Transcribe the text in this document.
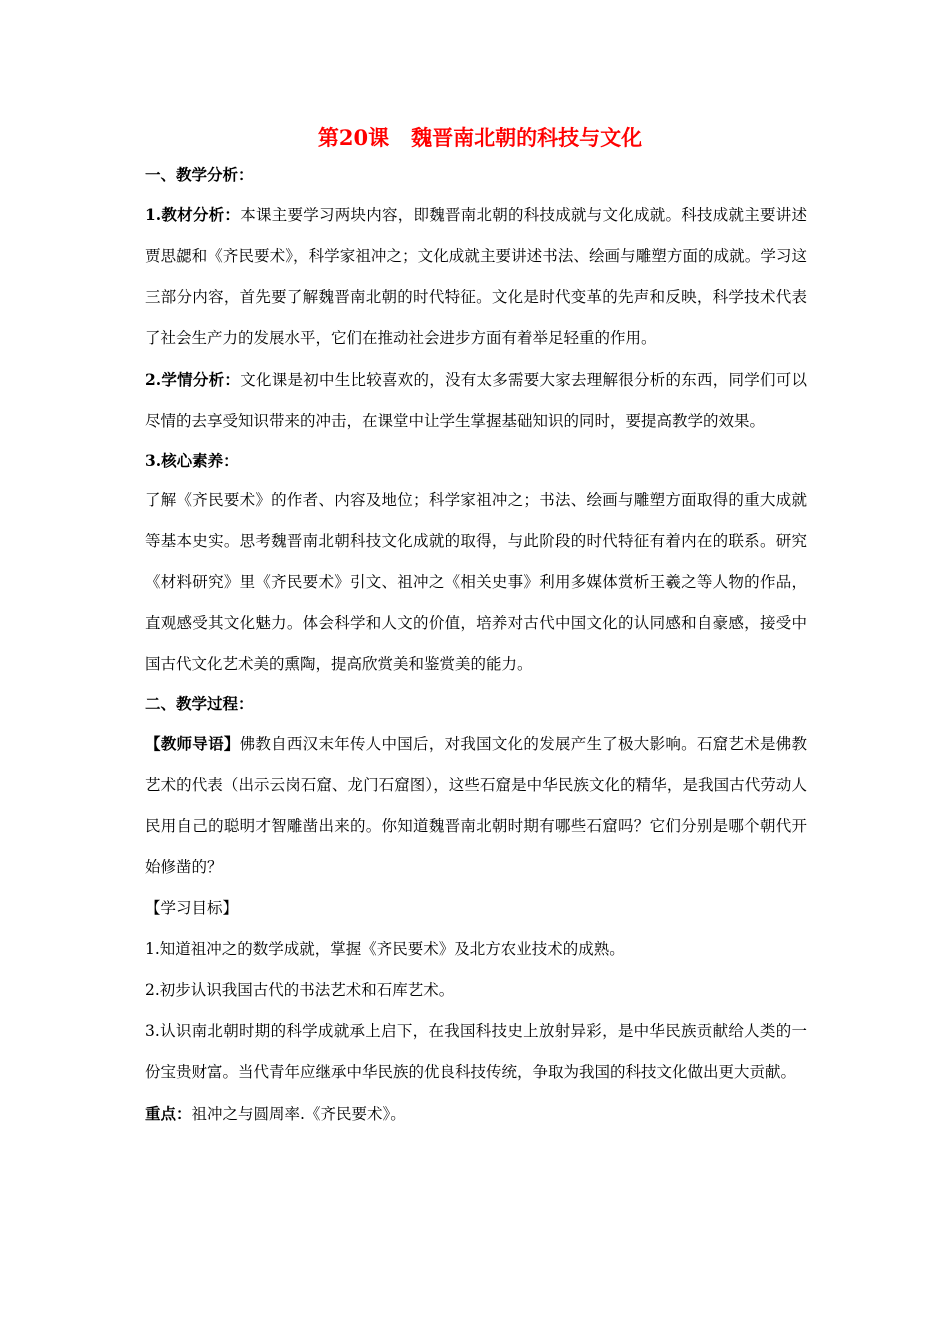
第20课 魏晋南北朝的科技与文化

一、教学分析：

1.教材分析：本课主要学习两块内容，即魏晋南北朝的科技成就与文化成就。科技成就主要讲述贾思勰和《齐民要术》，科学家祖冲之；文化成就主要讲述书法、绘画与雕塑方面的成就。学习这三部分内容，首先要了解魏晋南北朝的时代特征。文化是时代变革的先声和反映，科学技术代表了社会生产力的发展水平，它们在推动社会进步方面有着举足轻重的作用。

2.学情分析：文化课是初中生比较喜欢的，没有太多需要大家去理解很分析的东西，同学们可以尽情的去享受知识带来的冲击，在课堂中让学生掌握基础知识的同时，要提高教学的效果。

3.核心素养：

了解《齐民要术》的作者、内容及地位；科学家祖冲之；书法、绘画与雕塑方面取得的重大成就等基本史实。思考魏晋南北朝科技文化成就的取得，与此阶段的时代特征有着内在的联系。研究《材料研究》里《齐民要术》引文、祖冲之《相关史事》利用多媒体赏析王羲之等人物的作品，直观感受其文化魅力。体会科学和人文的价值，培养对古代中国文化的认同感和自豪感，接受中国古代文化艺术美的熏陶，提高欣赏美和鉴赏美的能力。

二、教学过程：

【教师导语】佛教自西汉末年传人中国后，对我国文化的发展产生了极大影响。石窟艺术是佛教艺术的代表（出示云岗石窟、龙门石窟图），这些石窟是中华民族文化的精华，是我国古代劳动人民用自己的聪明才智雕凿出来的。你知道魏晋南北朝时期有哪些石窟吗？它们分别是哪个朝代开始修凿的？

【学习目标】

1.知道祖冲之的数学成就，掌握《齐民要术》及北方农业技术的成熟。

2.初步认识我国古代的书法艺术和石库艺术。

3.认识南北朝时期的科学成就承上启下，在我国科技史上放射异彩，是中华民族贡献给人类的一份宝贵财富。当代青年应继承中华民族的优良科技传统，争取为我国的科技文化做出更大贡献。

重点：祖冲之与圆周率.《齐民要术》。
